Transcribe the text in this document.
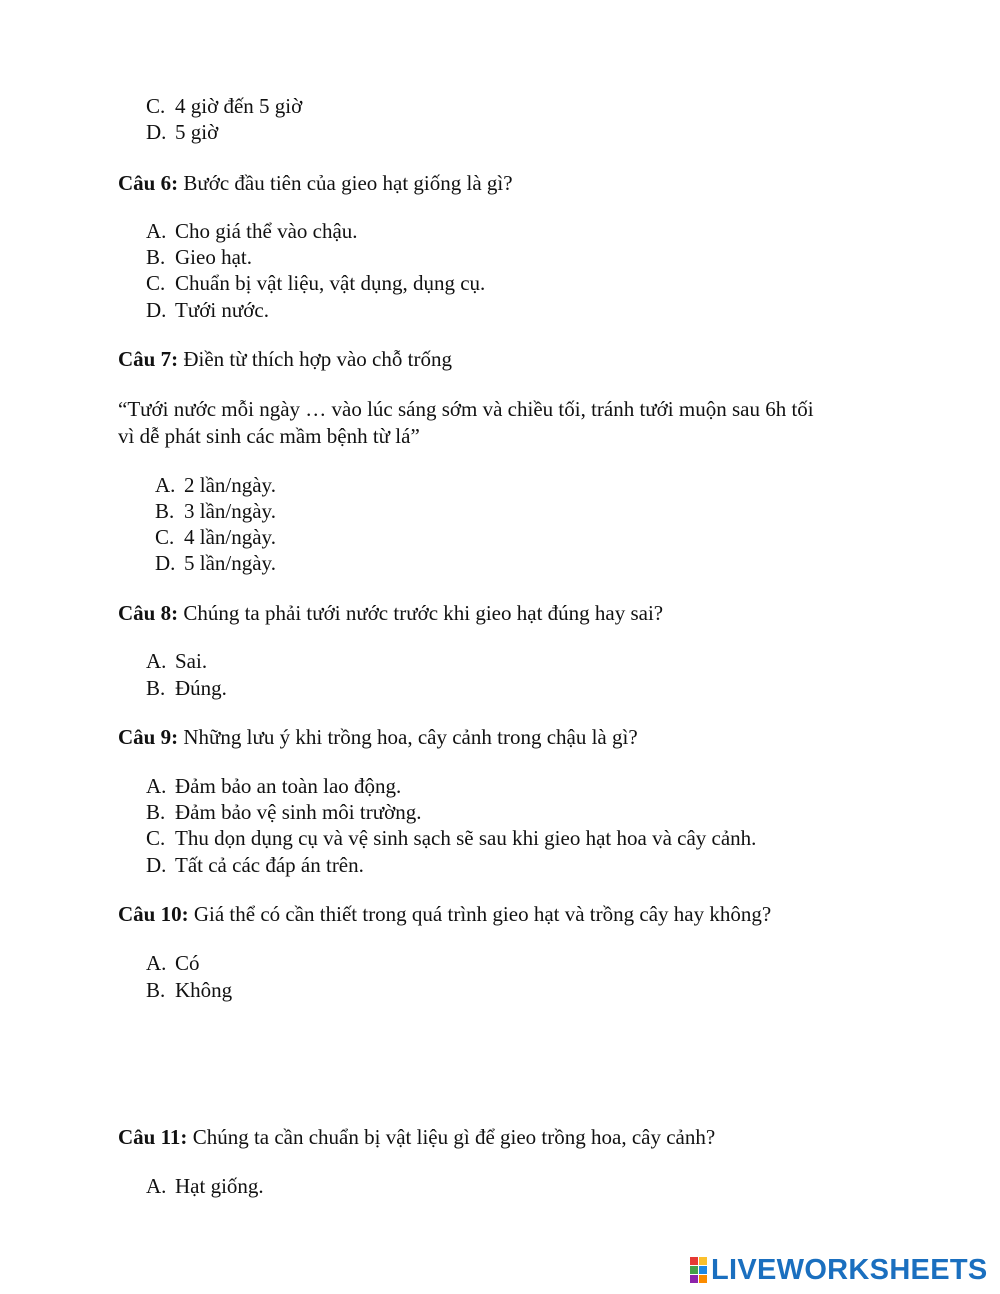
C. 4 giờ đến 5 giờ
D. 5 giờ
Câu 6: Bước đầu tiên của gieo hạt giống là gì?
A. Cho giá thể vào chậu.
B. Gieo hạt.
C. Chuẩn bị vật liệu, vật dụng, dụng cụ.
D. Tưới nước.
Câu 7: Điền từ thích hợp vào chỗ trống
“Tưới nước mỗi ngày … vào lúc sáng sớm và chiều tối, tránh tưới muộn sau 6h tối
vì dễ phát sinh các mầm bệnh từ lá”
A. 2 lần/ngày.
B. 3 lần/ngày.
C. 4 lần/ngày.
D. 5 lần/ngày.
Câu 8: Chúng ta phải tưới nước trước khi gieo hạt đúng hay sai?
A. Sai.
B. Đúng.
Câu 9: Những lưu ý khi trồng hoa, cây cảnh trong chậu là gì?
A. Đảm bảo an toàn lao động.
B. Đảm bảo vệ sinh môi trường.
C. Thu dọn dụng cụ và vệ sinh sạch sẽ sau khi gieo hạt hoa và cây cảnh.
D. Tất cả các đáp án trên.
Câu 10: Giá thể có cần thiết trong quá trình gieo hạt và trồng cây hay không?
A. Có
B. Không
Câu 11: Chúng ta cần chuẩn bị vật liệu gì để gieo trồng hoa, cây cảnh?
A. Hạt giống.
LIVEWORKSHEETS
